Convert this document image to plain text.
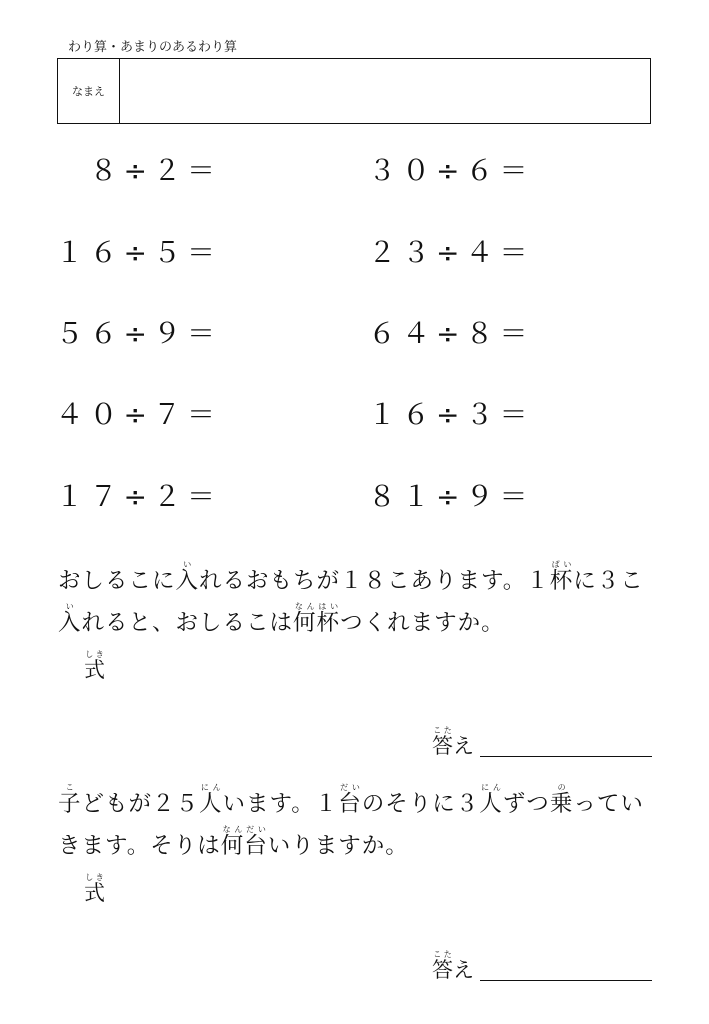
わり算・あまりのあるわり算
なまえ
８÷２＝
１６÷５＝
５６÷９＝
４０÷７＝
１７÷２＝
３０÷６＝
２３÷４＝
６４÷８＝
１６÷３＝
８１÷９＝
おしるこに入いれるおもちが１８こあります。１杯ぱいに３こ
入いれると、おしるこは何なん杯はいつくれますか。
式しき
答こたえ
子こどもが２５人にんいます。１台だいのそりに３人にんずつ乗のってい
きます。そりは何なん台だいいりますか。
式しき
答こたえ
